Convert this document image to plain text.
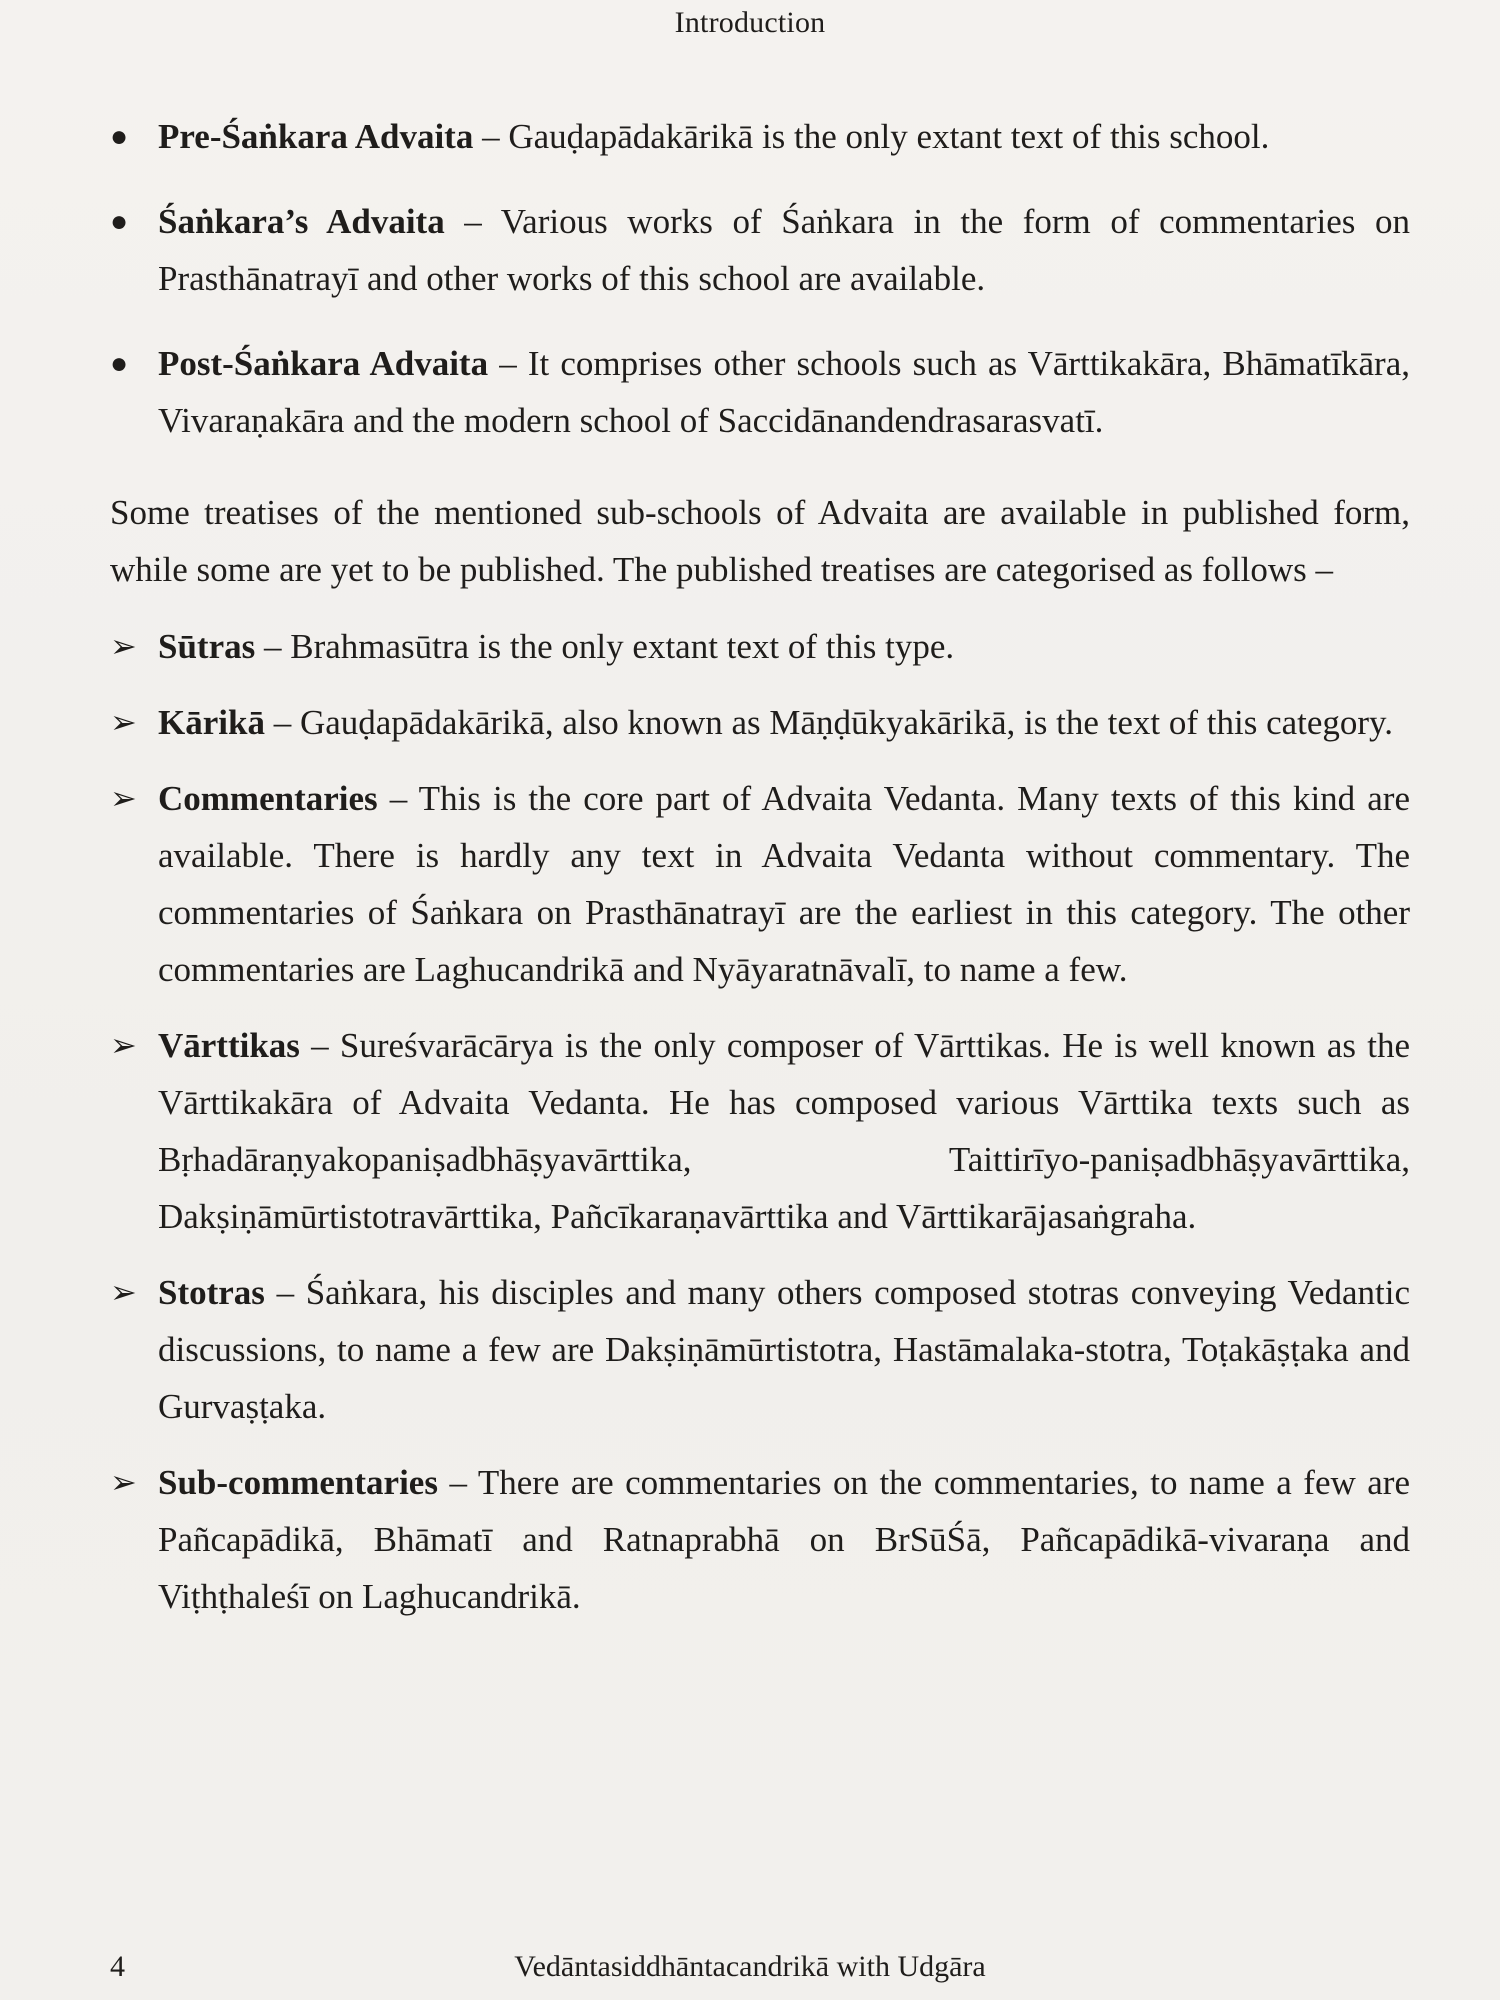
Introduction
● Pre-Śaṅkara Advaita – Gauḍapādakārikā is the only extant text of this school.
● Śaṅkara’s Advaita – Various works of Śaṅkara in the form of commentaries on Prasthānatrayī and other works of this school are available.
● Post-Śaṅkara Advaita – It comprises other schools such as Vārttikakāra, Bhāmatīkāra, Vivaraṇakāra and the modern school of Saccidānandendrasarasvatī.

Some treatises of the mentioned sub-schools of Advaita are available in published form, while some are yet to be published. The published treatises are categorised as follows –

➢ Sūtras – Brahmasūtra is the only extant text of this type.
➢ Kārikā – Gauḍapādakārikā, also known as Māṇḍūkyakārikā, is the text of this category.
➢ Commentaries – This is the core part of Advaita Vedanta. Many texts of this kind are available. There is hardly any text in Advaita Vedanta without commentary. The commentaries of Śaṅkara on Prasthānatrayī are the earliest in this category. The other commentaries are Laghucandrikā and Nyāyaratnāvalī, to name a few.
➢ Vārttikas – Sureśvarācārya is the only composer of Vārttikas. He is well known as the Vārttikakāra of Advaita Vedanta. He has composed various Vārttika texts such as Bṛhadāraṇyakopaniṣadbhāṣyavārttika, Taittirīyo-paniṣadbhāṣyavārttika, Dakṣiṇāmūrtistotravārttika, Pañcīkaraṇavārttika and Vārttikarājasaṅgraha.
➢ Stotras – Śaṅkara, his disciples and many others composed stotras conveying Vedantic discussions, to name a few are Dakṣiṇāmūrtistotra, Hastāmalaka-stotra, Toṭakāṣṭaka and Gurvaṣṭaka.
➢ Sub-commentaries – There are commentaries on the commentaries, to name a few are Pañcapādikā, Bhāmatī and Ratnaprabhā on BrSūŚā, Pañcapādikā-vivaraṇa and Viṭhṭhaleśī on Laghucandrikā.
4	Vedāntasiddhāntacandrikā with Udgāra
